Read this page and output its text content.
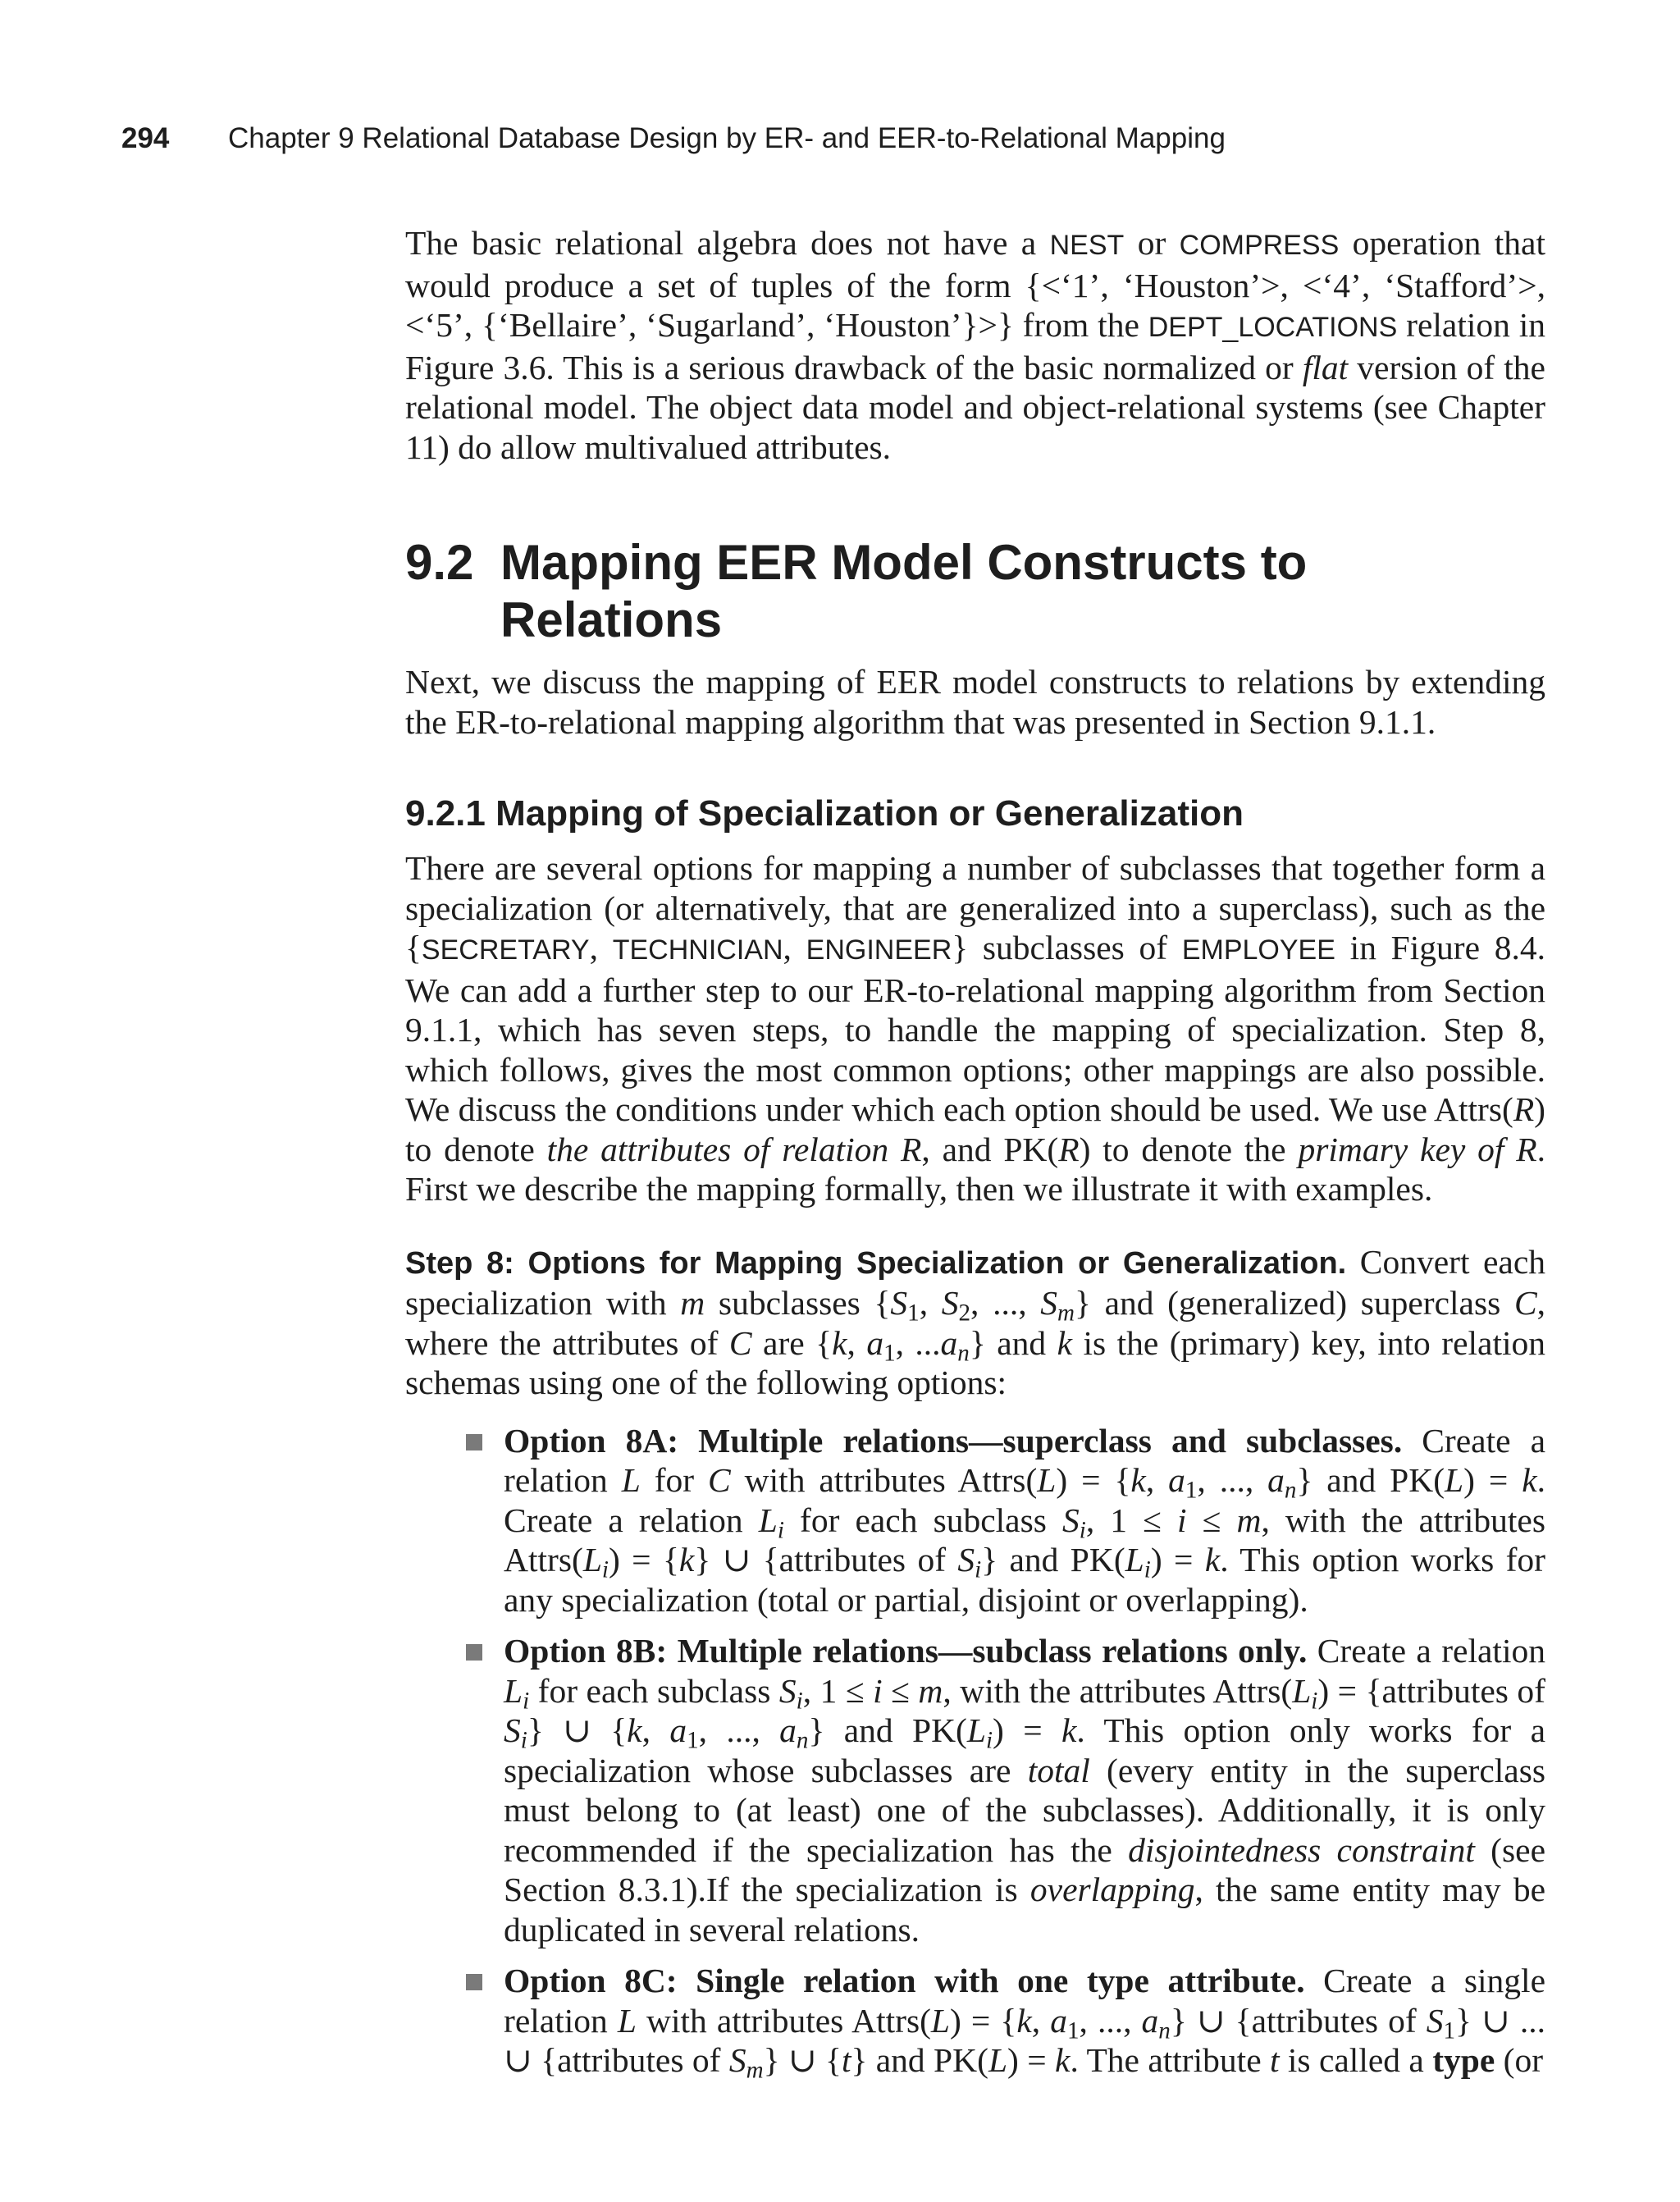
294 Chapter 9 Relational Database Design by ER- and EER-to-Relational Mapping

The basic relational algebra does not have a NEST or COMPRESS operation that would produce a set of tuples of the form {<‘1’, ‘Houston’>, <‘4’, ‘Stafford’>, <‘5’, {‘Bellaire’, ‘Sugarland’, ‘Houston’}>} from the DEPT_LOCATIONS relation in Figure 3.6. This is a serious drawback of the basic normalized or flat version of the relational model. The object data model and object-relational systems (see Chapter 11) do allow multivalued attributes.

9.2 Mapping EER Model Constructs to Relations

Next, we discuss the mapping of EER model constructs to relations by extending the ER-to-relational mapping algorithm that was presented in Section 9.1.1.

9.2.1 Mapping of Specialization or Generalization

There are several options for mapping a number of subclasses that together form a specialization (or alternatively, that are generalized into a superclass), such as the {SECRETARY, TECHNICIAN, ENGINEER} subclasses of EMPLOYEE in Figure 8.4. We can add a further step to our ER-to-relational mapping algorithm from Section 9.1.1, which has seven steps, to handle the mapping of specialization. Step 8, which follows, gives the most common options; other mappings are also possible. We discuss the conditions under which each option should be used. We use Attrs(R) to denote the attributes of relation R, and PK(R) to denote the primary key of R. First we describe the mapping formally, then we illustrate it with examples.

Step 8: Options for Mapping Specialization or Generalization. Convert each specialization with m subclasses {$S_1$, $S_2$, ..., $S_m$} and (generalized) superclass C, where the attributes of C are {k, $a_1$, $...a_n$} and k is the (primary) key, into relation schemas using one of the following options:

Option 8A: Multiple relations—superclass and subclasses. Create a relation L for C with attributes Attrs(L) = {k, $a_1$, ..., $a_n$} and PK(L) = k. Create a relation $L_i$ for each subclass $S_i$, 1 ≤ i ≤ m, with the attributes $Attrs(L_i) = \{k\}$ ∪ {attributes of $S_i$} and $PK(L_i) = k$. This option works for any specialization (total or partial, disjoint or overlapping).
Option 8B: Multiple relations—subclass relations only. Create a relation $L_i$ for each subclass $S_i$, 1 ≤ i ≤ m, with the attributes $Attrs(L_i)$ = {attributes of $S_i$} ∪ {k, $a_1$, ..., $a_n$} and $PK(L_i) = k$. This option only works for a specialization whose subclasses are total (every entity in the superclass must belong to (at least) one of the subclasses). Additionally, it is only recommended if the specialization has the disjointedness constraint (see Section 8.3.1).If the specialization is overlapping, the same entity may be duplicated in several relations.
Option 8C: Single relation with one type attribute. Create a single relation L with attributes Attrs(L) = {k, $a_1$, ..., $a_n$} ∪ {attributes of $S_1$} ∪ ... ∪ {attributes of $S_m$} ∪ {t} and PK(L) = k. The attribute t is called a type (or
